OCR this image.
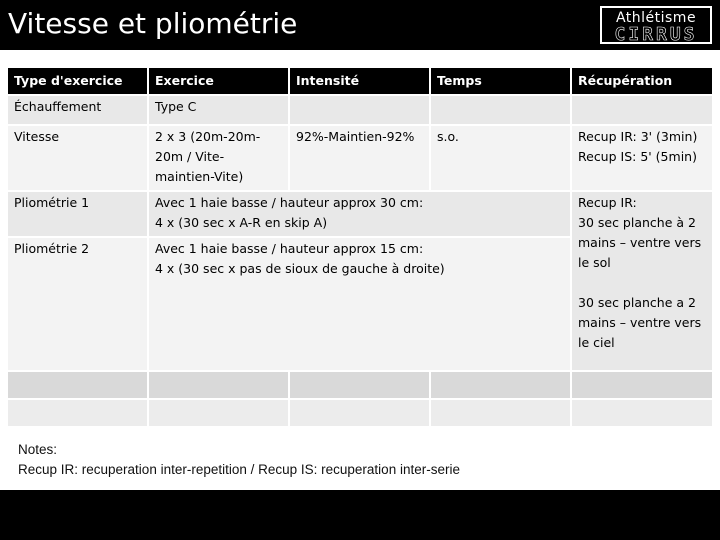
Vitesse et pliométrie	Athlétisme
CIRRUS
Type d'exercice	Exercice	Intensité	Temps	Récupération
Échauffement	Type C			
Vitesse	2 x 3 (20m-20m-20m / Vite-maintien-Vite)	92%-Maintien-92%	s.o.	Recup IR: 3' (3min)
Recup IS: 5' (5min)

Pliométrie 1	Avec 1 haie basse / hauteur approx 30 cm:
4 x (30 sec x A-R en skip A)			Recup IR:
30 sec planche à 2 mains – ventre vers le sol
30 sec planche a 2 mains – ventre vers le ciel

Pliométrie 2	Avec 1 haie basse / hauteur approx 15 cm:
4 x (30 sec x pas de sioux de gauche à droite)			

Notes:
Recup IR: recuperation inter-repetition / Recup IS: recuperation inter-serie
